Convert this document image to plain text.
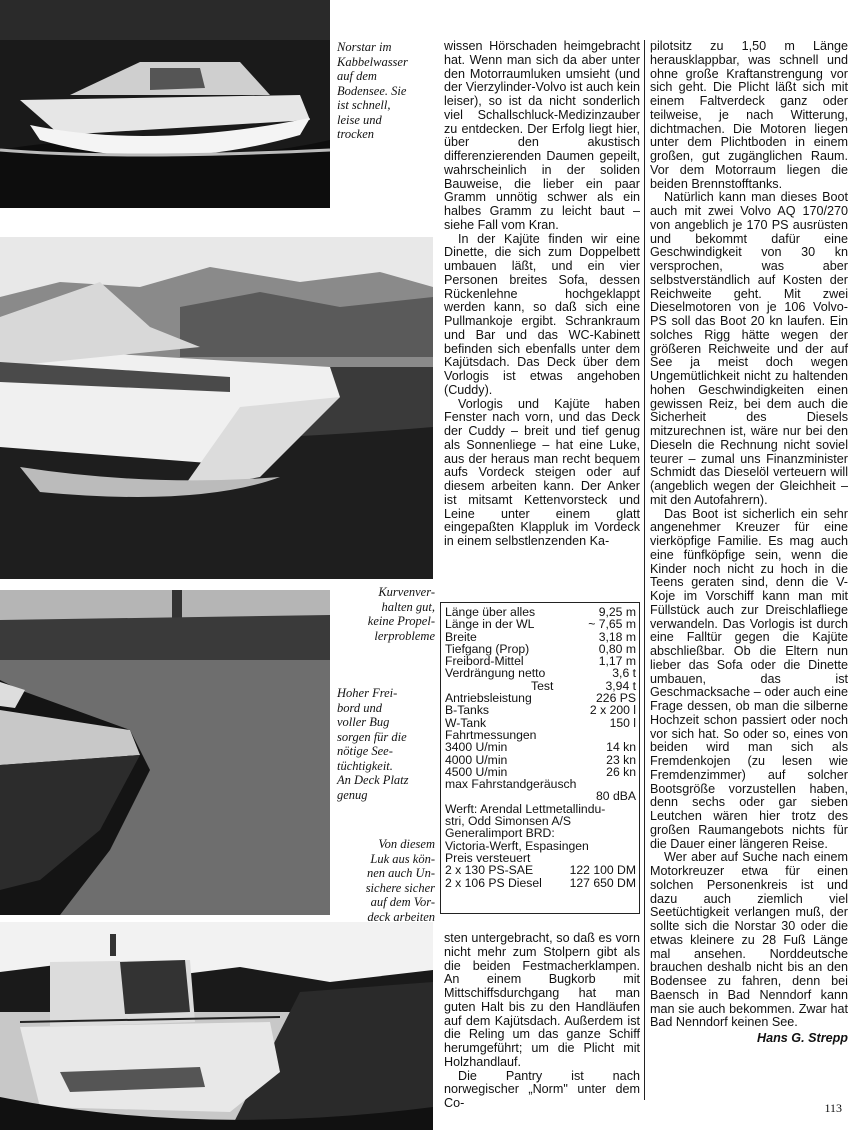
Norstar im
Kabbelwasser
auf dem
Bodensee. Sie
ist schnell,
leise und
trocken
Kurvenver-
halten gut,
keine Propel-
lerprobleme
Hoher Frei-
bord und
voller Bug
sorgen für die
nötige See-
tüchtigkeit.
An Deck Platz
genug
Von diesem
Luk aus kön-
nen auch Un-
sichere sicher
auf dem Vor-
deck arbeiten

wissen Hörschaden heimgebracht hat. Wenn man sich da aber unter den Motorraumluken umsieht (und der Vierzylinder-Volvo ist auch kein leiser), so ist da nicht sonderlich viel Schallschluck-Medizinzauber zu entdecken. Der Erfolg liegt hier, über den akustisch differenzierenden Daumen gepeilt, wahrscheinlich in der soliden Bauweise, die lieber ein paar Gramm unnötig schwer als ein halbes Gramm zu leicht baut – siehe Fall vom Kran.

In der Kajüte finden wir eine Dinette, die sich zum Doppelbett umbauen läßt, und ein vier Personen breites Sofa, dessen Rückenlehne hochgeklappt werden kann, so daß sich eine Pullmankoje ergibt. Schrankraum und Bar und das WC-Kabinett befinden sich ebenfalls unter dem Kajütsdach. Das Deck über dem Vorlogis ist etwas angehoben (Cuddy).

Vorlogis und Kajüte haben Fenster nach vorn, und das Deck der Cuddy – breit und tief genug als Sonnenliege – hat eine Luke, aus der heraus man recht bequem aufs Vordeck steigen oder auf diesem arbeiten kann. Der Anker ist mitsamt Kettenvorsteck und Leine unter einem glatt eingepaßten Klappluk im Vordeck in einem selbstlenzenden Ka-

sten untergebracht, so daß es vorn nicht mehr zum Stolpern gibt als die beiden Festmacherklampen. An einem Bugkorb mit Mittschiffsdurchgang hat man guten Halt bis zu den Handläufen auf dem Kajütsdach. Außerdem ist die Reling um das ganze Schiff herumgeführt; um die Plicht mit Holzhandlauf.

Die Pantry ist nach norwegischer „Norm" unter dem Co-

pilotsitz zu 1,50 m Länge herausklappbar, was schnell und ohne große Kraftanstrengung vor sich geht. Die Plicht läßt sich mit einem Faltverdeck ganz oder teilweise, je nach Witterung, dichtmachen. Die Motoren liegen unter dem Plichtboden in einem großen, gut zugänglichen Raum. Vor dem Motorraum liegen die beiden Brennstofftanks.

Natürlich kann man dieses Boot auch mit zwei Volvo AQ 170/270 von angeblich je 170 PS ausrüsten und bekommt dafür eine Geschwindigkeit von 30 kn versprochen, was aber selbstverständlich auf Kosten der Reichweite geht. Mit zwei Dieselmotoren von je 106 Volvo-PS soll das Boot 20 kn laufen. Ein solches Rigg hätte wegen der größeren Reichweite und der auf See ja meist doch wegen Ungemütlichkeit nicht zu haltenden hohen Geschwindigkeiten einen gewissen Reiz, bei dem auch die Sicherheit des Diesels mitzurechnen ist, wäre nur bei den Dieseln die Rechnung nicht soviel teurer – zumal uns Finanzminister Schmidt das Dieselöl verteuern will (angeblich wegen der Gleichheit – mit den Autofahrern).

Das Boot ist sicherlich ein sehr angenehmer Kreuzer für eine vierköpfige Familie. Es mag auch eine fünfköpfige sein, wenn die Kinder noch nicht zu hoch in die Teens geraten sind, denn die V-Koje im Vorschiff kann man mit Füllstück auch zur Dreischlafliege verwandeln. Das Vorlogis ist durch eine Falltür gegen die Kajüte abschließbar. Ob die Eltern nun lieber das Sofa oder die Dinette umbauen, das ist Geschmacksache – oder auch eine Frage dessen, ob man die silberne Hochzeit schon passiert oder noch vor sich hat. So oder so, eines von beiden wird man sich als Fremdenkojen (zu lesen wie Fremdenzimmer) auf solcher Bootsgröße vorzustellen haben, denn sechs oder gar sieben Leutchen wären hier trotz des großen Raumangebots nichts für die Dauer einer längeren Reise.

Wer aber auf Suche nach einem Motorkreuzer etwa für einen solchen Personenkreis ist und dazu auch ziemlich viel Seetüchtigkeit verlangen muß, der sollte sich die Norstar 30 oder die etwas kleinere zu 28 Fuß Länge mal ansehen. Norddeutsche brauchen deshalb nicht bis an den Bodensee zu fahren, denn bei Baensch in Bad Nenndorf kann man sie auch bekommen. Zwar hat Bad Nenndorf keinen See.

Hans G. Strepp

Länge über alles	9,25 m
Länge in der WL	~ 7,65 m
Breite	3,18 m
Tiefgang (Prop)	0,80 m
Freibord-Mittel	1,17 m
Verdrängung netto	3,6 t
Test	3,94 t
Antriebsleistung	226 PS
B-Tanks	2 x 200 l
W-Tank	150 l
Fahrtmessungen
3400 U/min	14 kn
4000 U/min	23 kn
4500 U/min	26 kn
max Fahrstandgeräusch
80 dBA
Werft: Arendal Lettmetallindu-
stri, Odd Simonsen A/S
Generalimport BRD:
Victoria-Werft, Espasingen
Preis versteuert
2 x 130 PS-SAE	122 100 DM
2 x 106 PS Diesel 127 650 DM
113
